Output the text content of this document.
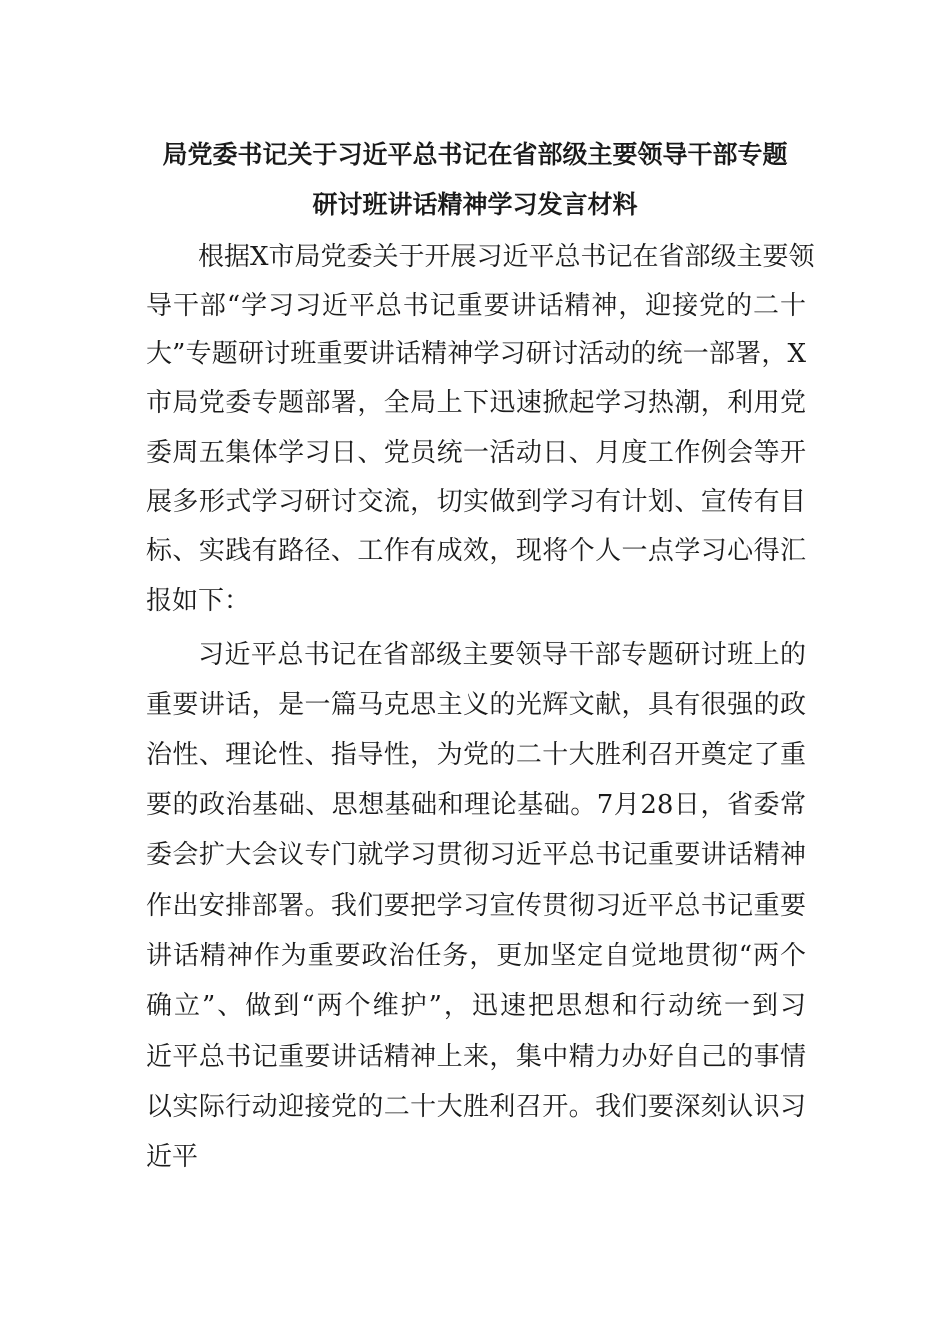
局党委书记关于习近平总书记在省部级主要领导干部专题
研讨班讲话精神学习发言材料
根据X市局党委关于开展习近平总书记在省部级主要领
导干部“学习习近平总书记重要讲话精神，迎接党的二十
大”专题研讨班重要讲话精神学习研讨活动的统一部署，X
市局党委专题部署，全局上下迅速掀起学习热潮，利用党
委周五集体学习日、党员统一活动日、月度工作例会等开
展多形式学习研讨交流，切实做到学习有计划、宣传有目
标、实践有路径、工作有成效，现将个人一点学习心得汇
报如下：
习近平总书记在省部级主要领导干部专题研讨班上的
重要讲话，是一篇马克思主义的光辉文献，具有很强的政
治性、理论性、指导性，为党的二十大胜利召开奠定了重
要的政治基础、思想基础和理论基础。7月28日，省委常
委会扩大会议专门就学习贯彻习近平总书记重要讲话精神
作出安排部署。我们要把学习宣传贯彻习近平总书记重要
讲话精神作为重要政治任务，更加坚定自觉地贯彻“两个
确立”、做到“两个维护”，迅速把思想和行动统一到习
近平总书记重要讲话精神上来，集中精力办好自己的事情
以实际行动迎接党的二十大胜利召开。我们要深刻认识习
近平
